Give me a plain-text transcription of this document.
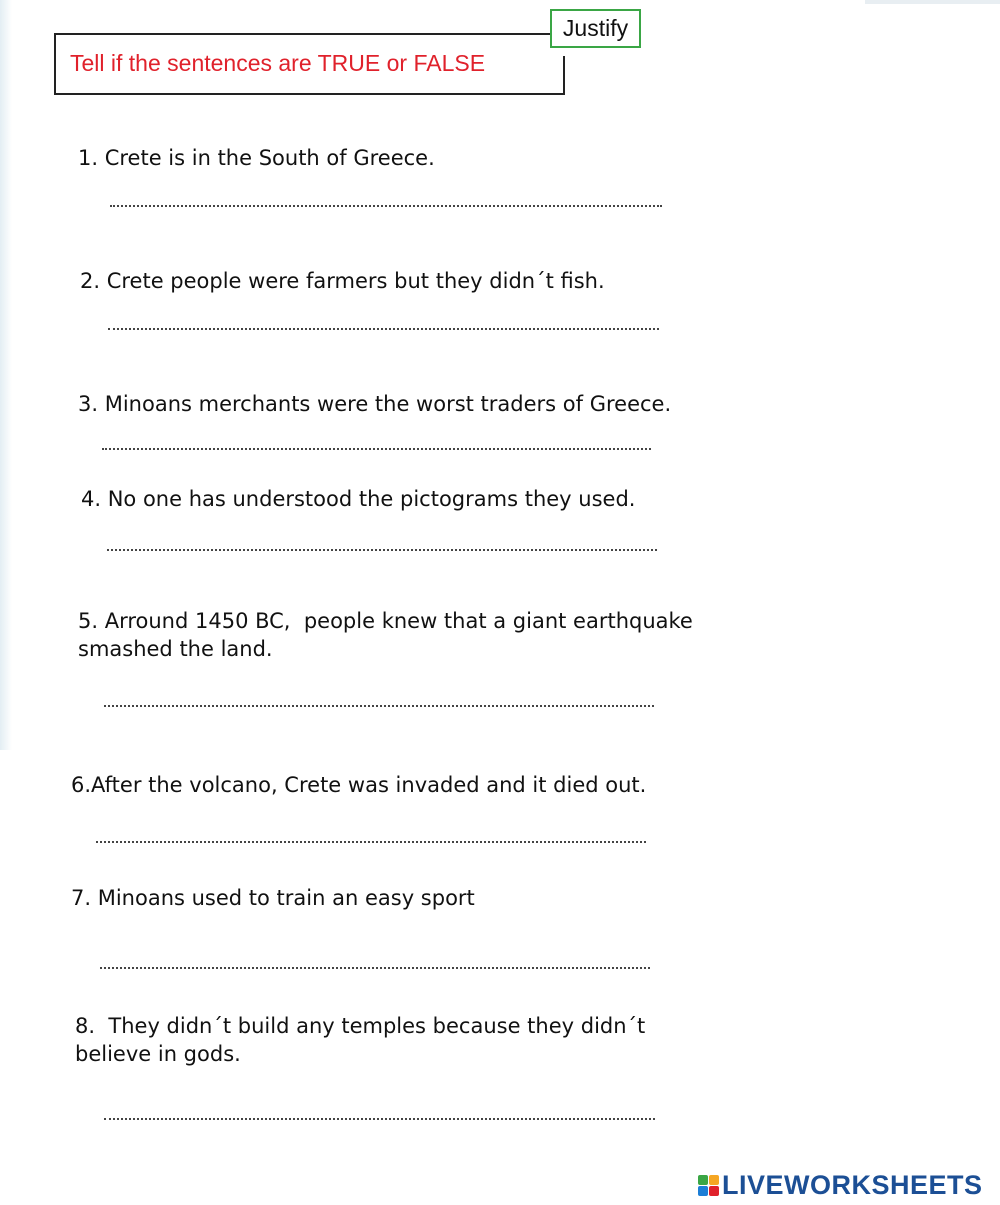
Tell if the sentences are TRUE or FALSE
Justify
1. Crete is in the South of Greece.
2. Crete people were farmers but they didn´t fish.
3. Minoans merchants were the worst traders of Greece.
4. No one has understood the pictograms they used.
5. Arround 1450 BC,  people knew that a giant earthquake
smashed the land.
6.After the volcano, Crete was invaded and it died out.
7. Minoans used to train an easy sport
8.  They didn´t build any temples because they didn´t
believe in gods.
LIVEWORKSHEETS
